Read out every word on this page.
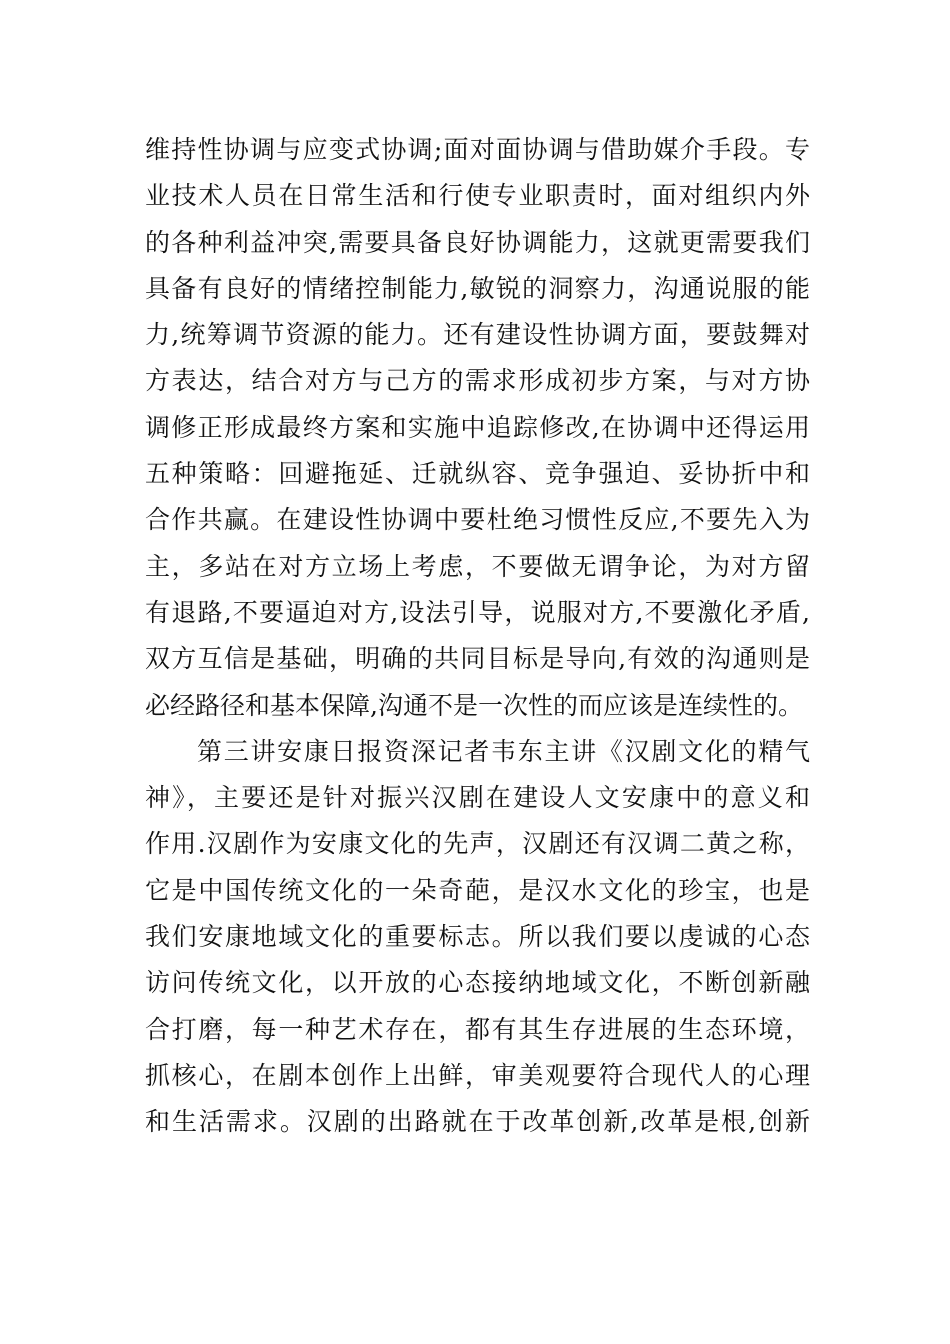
维持性协调与应变式协调;面对面协调与借助媒介手段。专
业技术人员在日常生活和行使专业职责时，面对组织内外
的各种利益冲突,需要具备良好协调能力，这就更需要我们
具备有良好的情绪控制能力,敏锐的洞察力，沟通说服的能
力,统筹调节资源的能力。还有建设性协调方面，要鼓舞对
方表达，结合对方与己方的需求形成初步方案，与对方协
调修正形成最终方案和实施中追踪修改,在协调中还得运用
五种策略：回避拖延、迁就纵容、竞争强迫、妥协折中和
合作共赢。在建设性协调中要杜绝习惯性反应,不要先入为
主，多站在对方立场上考虑，不要做无谓争论，为对方留
有退路,不要逼迫对方,设法引导，说服对方,不要激化矛盾,
双方互信是基础，明确的共同目标是导向,有效的沟通则是
必经路径和基本保障,沟通不是一次性的而应该是连续性的。
第三讲安康日报资深记者韦东主讲《汉剧文化的精气
神》，主要还是针对振兴汉剧在建设人文安康中的意义和
作用.汉剧作为安康文化的先声，汉剧还有汉调二黄之称，
它是中国传统文化的一朵奇葩，是汉水文化的珍宝，也是
我们安康地域文化的重要标志。所以我们要以虔诚的心态
访问传统文化，以开放的心态接纳地域文化，不断创新融
合打磨，每一种艺术存在，都有其生存进展的生态环境，
抓核心，在剧本创作上出鲜，审美观要符合现代人的心理
和生活需求。汉剧的出路就在于改革创新,改革是根,创新
